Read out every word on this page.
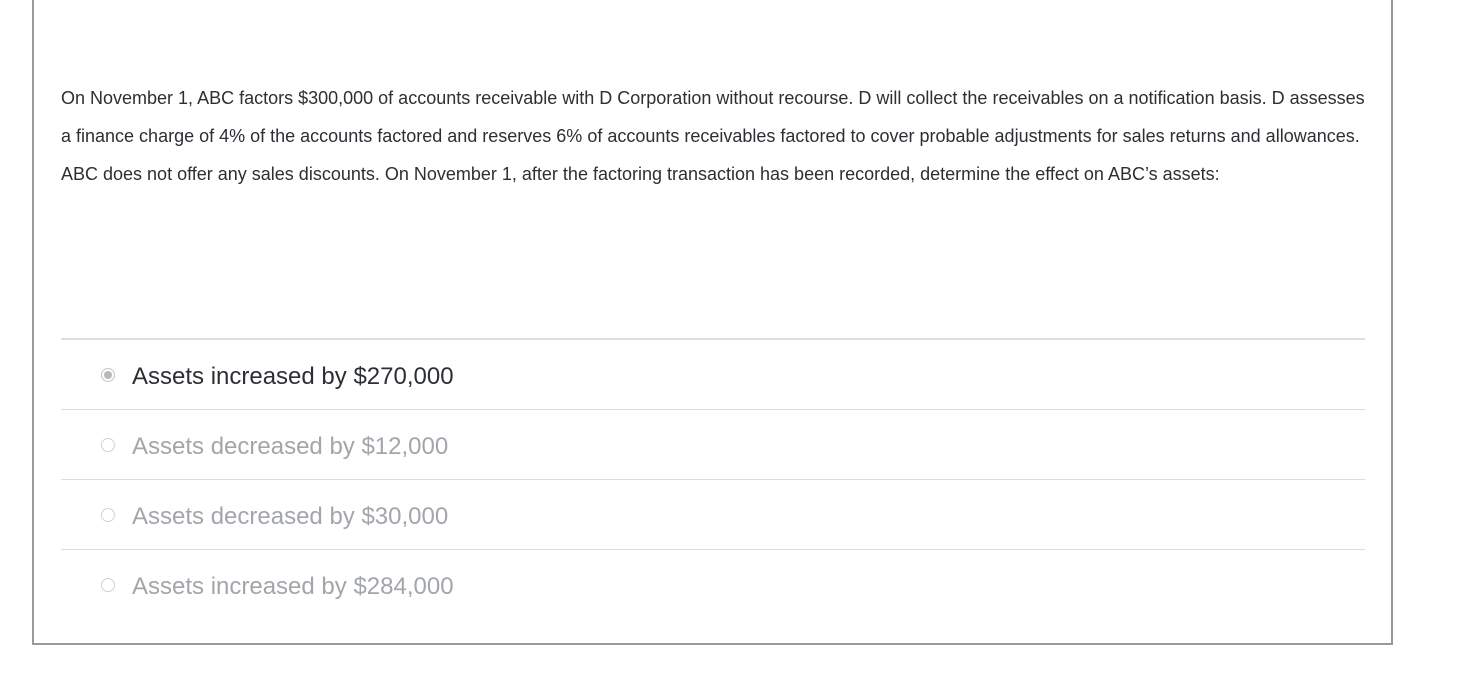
On November 1, ABC factors $300,000 of accounts receivable with D Corporation without recourse. D will collect the receivables on a notification basis. D assesses a finance charge of 4% of the accounts factored and reserves 6% of accounts receivables factored to cover probable adjustments for sales returns and allowances. ABC does not offer any sales discounts. On November 1, after the factoring transaction has been recorded, determine the effect on ABC’s assets:

Assets increased by $270,000
Assets decreased by $12,000
Assets decreased by $30,000
Assets increased by $284,000
